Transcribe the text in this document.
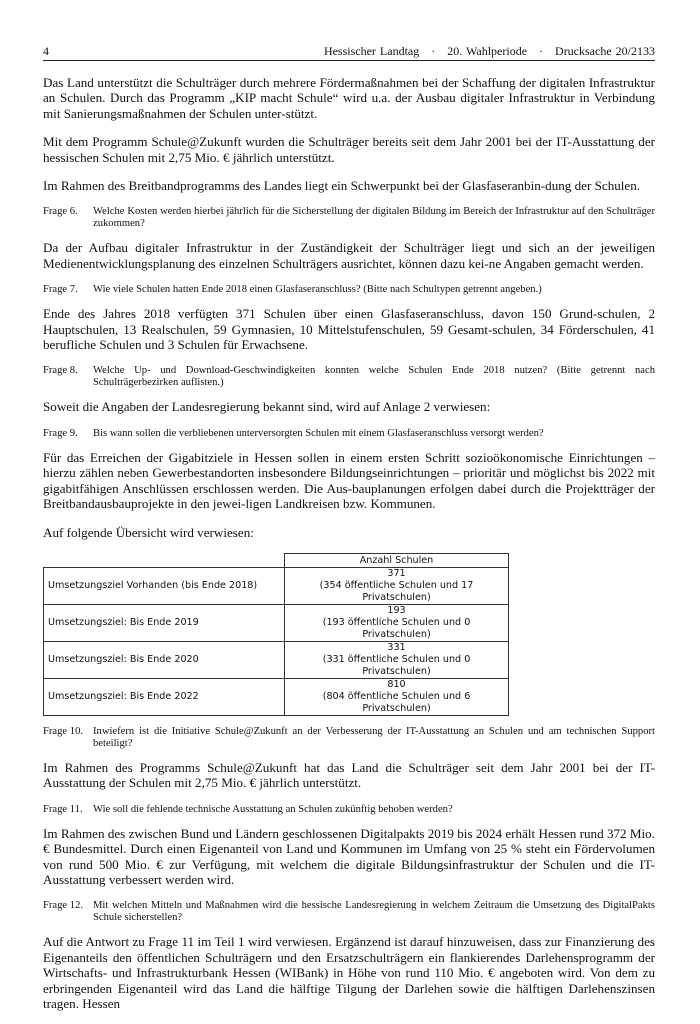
4	Hessischer Landtag   ·   20. Wahlperiode   ·   Drucksache 20/2133

Das Land unterstützt die Schulträger durch mehrere Fördermaßnahmen bei der Schaffung der digitalen Infrastruktur an Schulen. Durch das Programm „KIP macht Schule“ wird u.a. der Ausbau digitaler Infrastruktur in Verbindung mit Sanierungsmaßnahmen der Schulen unter-stützt.

Mit dem Programm Schule@Zukunft wurden die Schulträger bereits seit dem Jahr 2001 bei der IT-Ausstattung der hessischen Schulen mit 2,75 Mio. € jährlich unterstützt.

Im Rahmen des Breitbandprogramms des Landes liegt ein Schwerpunkt bei der Glasfaseranbin-dung der Schulen.

Frage 6.	Welche Kosten werden hierbei jährlich für die Sicherstellung der digitalen Bildung im Bereich der Infrastruktur auf den Schulträger zukommen?

Da der Aufbau digitaler Infrastruktur in der Zuständigkeit der Schulträger liegt und sich an der jeweiligen Medienentwicklungsplanung des einzelnen Schulträgers ausrichtet, können dazu kei-ne Angaben gemacht werden.

Frage 7.	Wie viele Schulen hatten Ende 2018 einen Glasfaseranschluss? (Bitte nach Schultypen getrennt angeben.)

Ende des Jahres 2018 verfügten 371 Schulen über einen Glasfaseranschluss, davon 150 Grund-schulen, 2 Hauptschulen, 13 Realschulen, 59 Gymnasien, 10 Mittelstufenschulen, 59 Gesamt-schulen, 34 Förderschulen, 41 berufliche Schulen und 3 Schulen für Erwachsene.

Frage 8.	Welche Up- und Download-Geschwindigkeiten konnten welche Schulen Ende 2018 nutzen? (Bitte getrennt nach Schulträgerbezirken auflisten.)

Soweit die Angaben der Landesregierung bekannt sind, wird auf Anlage 2 verwiesen:

Frage 9.	Bis wann sollen die verbliebenen unterversorgten Schulen mit einem Glasfaseranschluss versorgt werden?

Für das Erreichen der Gigabitziele in Hessen sollen in einem ersten Schritt sozioökonomische Einrichtungen – hierzu zählen neben Gewerbestandorten insbesondere Bildungseinrichtungen – prioritär und möglichst bis 2022 mit gigabitfähigen Anschlüssen erschlossen werden. Die Aus-bauplanungen erfolgen dabei durch die Projektträger der Breitbandausbauprojekte in den jewei-ligen Landkreisen bzw. Kommunen.

Auf folgende Übersicht wird verwiesen:

	Anzahl Schulen
Umsetzungsziel Vorhanden (bis Ende 2018)	371
(354 öffentliche Schulen und 17 Privatschulen)

Umsetzungsziel: Bis Ende 2019	193
(193 öffentliche Schulen und 0 Privatschulen)

Umsetzungsziel: Bis Ende 2020	331
(331 öffentliche Schulen und 0 Privatschulen)

Umsetzungsziel: Bis Ende 2022	810
(804 öffentliche Schulen und 6 Privatschulen)
Frage 10. Inwiefern ist die Initiative Schule@Zukunft an der Verbesserung der IT-Ausstattung an Schulen und am technischen Support beteiligt?

Im Rahmen des Programms Schule@Zukunft hat das Land die Schulträger seit dem Jahr 2001 bei der IT-Ausstattung der Schulen mit 2,75 Mio. € jährlich unterstützt.

Frage 11. Wie soll die fehlende technische Ausstattung an Schulen zukünftig behoben werden?

Im Rahmen des zwischen Bund und Ländern geschlossenen Digitalpakts 2019 bis 2024 erhält Hessen rund 372 Mio. € Bundesmittel. Durch einen Eigenanteil von Land und Kommunen im Umfang von 25 % steht ein Fördervolumen von rund 500 Mio. € zur Verfügung, mit welchem die digitale Bildungsinfrastruktur der Schulen und die IT-Ausstattung verbessert werden wird.

Frage 12. Mit welchen Mitteln und Maßnahmen wird die hessische Landesregierung in welchem Zeitraum die Umsetzung des DigitalPakts Schule sicherstellen?

Auf die Antwort zu Frage 11 im Teil 1 wird verwiesen. Ergänzend ist darauf hinzuweisen, dass zur Finanzierung des Eigenanteils den öffentlichen Schulträgern und den Ersatzschulträgern ein flankierendes Darlehensprogramm der Wirtschafts- und Infrastrukturbank Hessen (WIBank) in Höhe von rund 110 Mio. € angeboten wird. Von dem zu erbringenden Eigenanteil wird das Land die hälftige Tilgung der Darlehen sowie die hälftigen Darlehenszinsen tragen. Hessen
